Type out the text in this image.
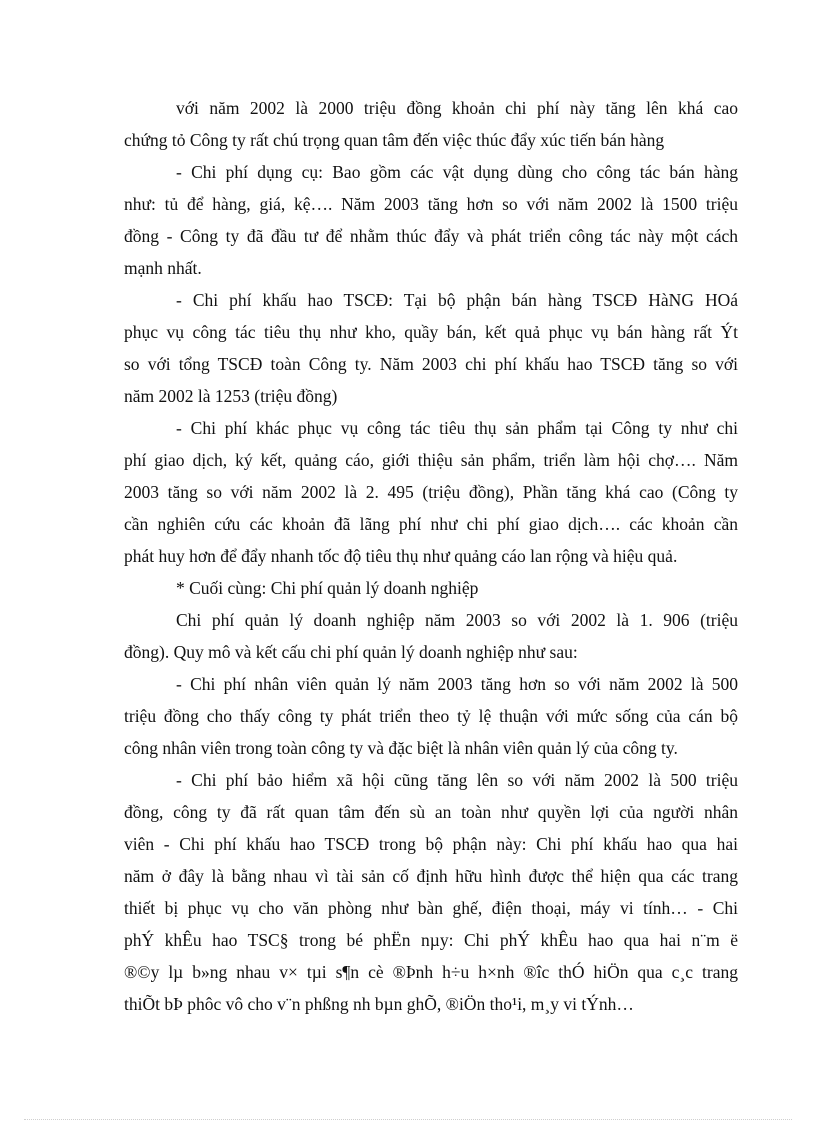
với năm 2002 là 2000 triệu đồng khoản chi phí này tăng lên khá cao
chứng tỏ Công ty rất chú trọng quan tâm đến việc thúc đẩy xúc tiến bán hàng
- Chi phí dụng cụ: Bao gồm các vật dụng dùng cho công tác bán hàng
như: tủ để hàng, giá, kệ…. Năm 2003 tăng hơn so với năm 2002 là 1500 triệu
đồng - Công ty đã đầu tư để nhằm thúc đẩy và phát triển công tác này một cách
mạnh nhất.
- Chi phí khấu hao TSCĐ: Tại bộ phận bán hàng TSCĐ HàNG HOá
phục vụ công tác tiêu thụ như kho, quầy bán, kết quả phục vụ bán hàng rất Ýt
so với tổng TSCĐ toàn Công ty. Năm 2003 chi phí khấu hao TSCĐ tăng so với
năm 2002 là 1253 (triệu đồng)
- Chi phí khác phục vụ công tác tiêu thụ sản phẩm tại Công ty như chi
phí giao dịch, ký kết, quảng cáo, giới thiệu sản phẩm, triển làm hội chợ…. Năm
2003 tăng so với năm 2002 là 2. 495 (triệu đồng), Phần tăng khá cao (Công ty
cần nghiên cứu các khoản đã lãng phí như chi phí giao dịch…. các khoản cần
phát huy hơn để đẩy nhanh tốc độ tiêu thụ như quảng cáo lan rộng và hiệu quả.
* Cuối cùng: Chi phí quản lý doanh nghiệp
Chi phí quản lý doanh nghiệp năm 2003 so với 2002 là 1. 906 (triệu
đồng). Quy mô và kết cấu chi phí quản lý doanh nghiệp như sau:
- Chi phí nhân viên quản lý năm 2003 tăng hơn so với năm 2002 là 500
triệu đồng cho thấy công ty phát triển theo tỷ lệ thuận với mức sống của cán bộ
công nhân viên trong toàn công ty và đặc biệt là nhân viên quản lý của công ty.
- Chi phí bảo hiểm xã hội cũng tăng lên so với năm 2002 là 500 triệu
đồng, công ty đã rất quan tâm đến sù an toàn như quyền lợi của người nhân
viên - Chi phí khấu hao TSCĐ trong bộ phận này: Chi phí khấu hao qua hai
năm ở đây là bằng nhau vì tài sản cố định hữu hình được thể hiện qua các trang
thiết bị phục vụ cho văn phòng như bàn ghế, điện thoại, máy vi tính… - Chi
phÝ khÊu hao TSC§ trong bé phËn nµy: Chi phÝ khÊu hao qua hai n¨m ë
®©y lµ b»ng nhau v× tµi s¶n cè ®Þnh h÷u h×nh ®îc thÓ hiÖn qua c¸c trang
thiÕt bÞ phôc vô cho v¨n phßng nh bµn ghÕ, ®iÖn tho¹i, m¸y vi tÝnh…
